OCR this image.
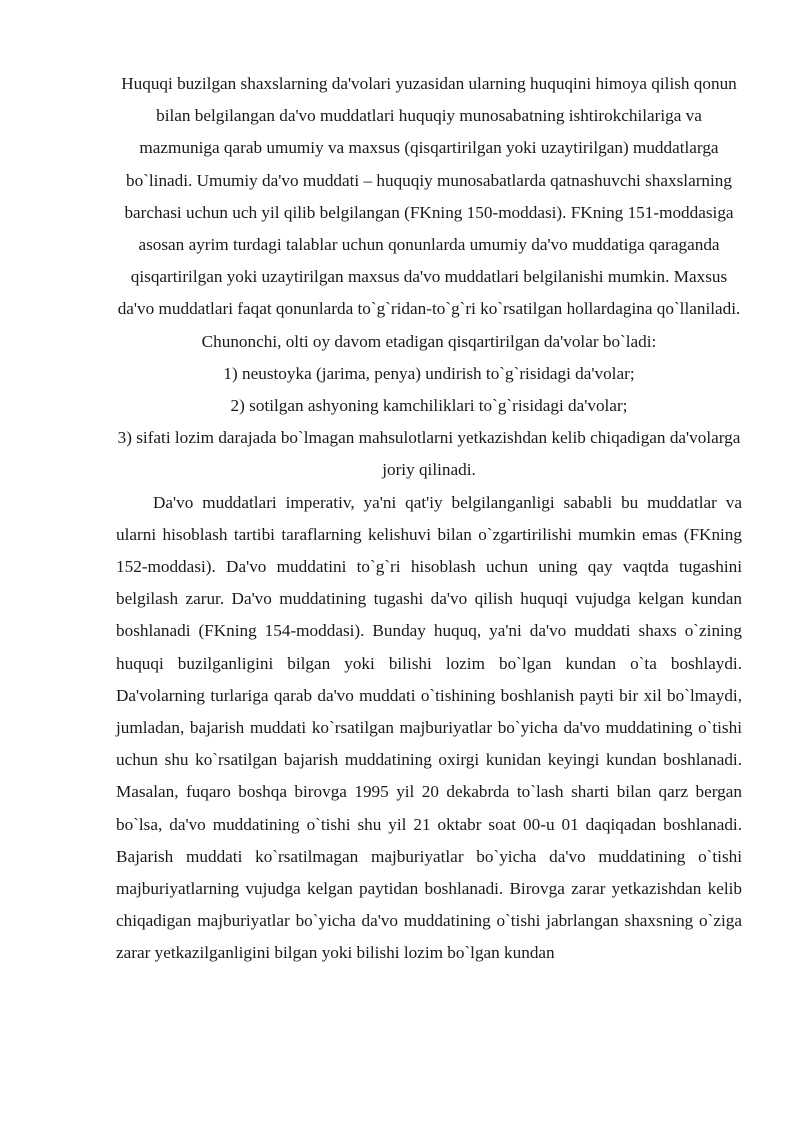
Huquqi buzilgan shaxslarning da'volari yuzasidan ularning huquqini himoya qilish qonun bilan belgilangan da'vo muddatlari huquqiy munosabatning ishtirokchilariga va mazmuniga qarab umumiy va maxsus (qisqartirilgan yoki uzaytirilgan) muddatlarga bo`linadi. Umumiy da'vo muddati – huquqiy munosabatlarda qatnashuvchi shaxslarning barchasi uchun uch yil qilib belgilangan (FKning 150-moddasi). FKning 151-moddasiga asosan ayrim turdagi talablar uchun qonunlarda umumiy da'vo muddatiga qaraganda qisqartirilgan yoki uzaytirilgan maxsus da'vo muddatlari belgilanishi mumkin. Maxsus da'vo muddatlari faqat qonunlarda to`g`ridan-to`g`ri ko`rsatilgan hollardagina qo`llaniladi. Chunonchi, olti oy davom etadigan qisqartirilgan da'volar bo`ladi:

1) neustoyka (jarima, penya) undirish to`g`risidagi da'volar;

2) sotilgan ashyoning kamchiliklari to`g`risidagi da'volar;

3) sifati lozim darajada bo`lmagan mahsulotlarni yetkazishdan kelib chiqadigan da'volarga joriy qilinadi.

Da'vo muddatlari imperativ, ya'ni qat'iy belgilanganligi sababli bu muddatlar va ularni hisoblash tartibi taraflarning kelishuvi bilan o`zgartirilishi mumkin emas (FKning 152-moddasi). Da'vo muddatini to`g`ri hisoblash uchun uning qay vaqtda tugashini belgilash zarur. Da'vo muddatining tugashi da'vo qilish huquqi vujudga kelgan kundan boshlanadi (FKning 154-moddasi). Bunday huquq, ya'ni da'vo muddati shaxs o`zining huquqi buzilganligini bilgan yoki bilishi lozim bo`lgan kundan o`ta boshlaydi. Da'volarning turlariga qarab da'vo muddati o`tishining boshlanish payti bir xil bo`lmaydi, jumladan, bajarish muddati ko`rsatilgan majburiyatlar bo`yicha da'vo muddatining o`tishi uchun shu ko`rsatilgan bajarish muddatining oxirgi kunidan keyingi kundan boshlanadi. Masalan, fuqaro boshqa birovga 1995 yil 20 dekabrda to`lash sharti bilan qarz bergan bo`lsa, da'vo muddatining o`tishi shu yil 21 oktabr soat 00-u 01 daqiqadan boshlanadi. Bajarish muddati ko`rsatilmagan majburiyatlar bo`yicha da'vo muddatining o`tishi majburiyatlarning vujudga kelgan paytidan boshlanadi. Birovga zarar yetkazishdan kelib chiqadigan majburiyatlar bo`yicha da'vo muddatining o`tishi jabrlangan shaxsning o`ziga zarar yetkazilganligini bilgan yoki bilishi lozim bo`lgan kundan
